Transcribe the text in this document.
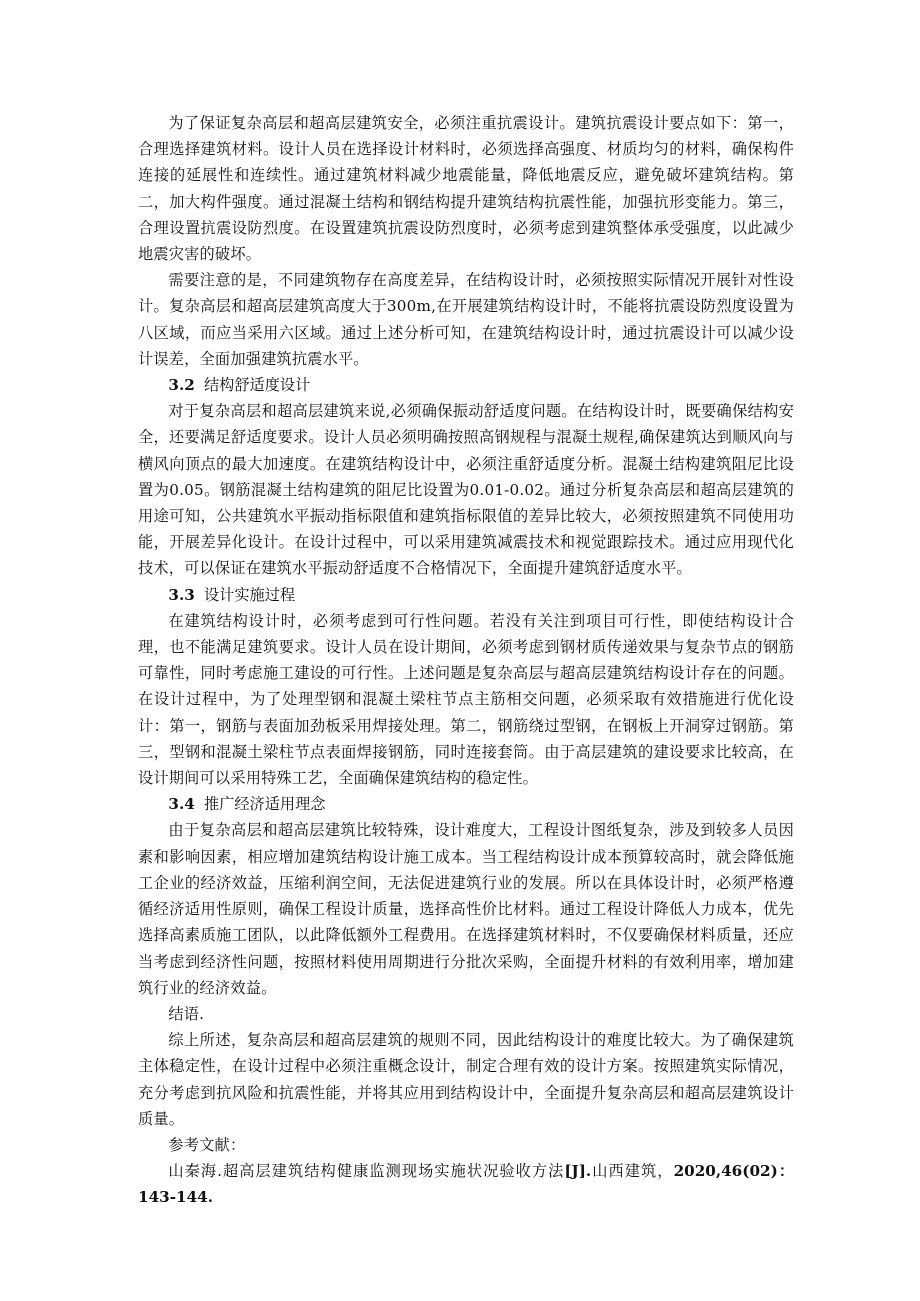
为了保证复杂高层和超高层建筑安全，必须注重抗震设计。建筑抗震设计要点如下：第一，合理选择建筑材料。设计人员在选择设计材料时，必须选择高强度、材质均匀的材料，确保构件连接的延展性和连续性。通过建筑材料减少地震能量，降低地震反应，避免破坏建筑结构。第二，加大构件强度。通过混凝土结构和钢结构提升建筑结构抗震性能，加强抗形变能力。第三，合理设置抗震设防烈度。在设置建筑抗震设防烈度时，必须考虑到建筑整体承受强度，以此减少地震灾害的破坏。

需要注意的是，不同建筑物存在高度差异，在结构设计时，必须按照实际情况开展针对性设计。复杂高层和超高层建筑高度大于300m,在开展建筑结构设计时，不能将抗震设防烈度设置为八区域，而应当采用六区域。通过上述分析可知，在建筑结构设计时，通过抗震设计可以减少设计误差，全面加强建筑抗震水平。

3.2 结构舒适度设计

对于复杂高层和超高层建筑来说,必须确保振动舒适度问题。在结构设计时，既要确保结构安全，还要满足舒适度要求。设计人员必须明确按照高钢规程与混凝土规程,确保建筑达到顺风向与横风向顶点的最大加速度。在建筑结构设计中，必须注重舒适度分析。混凝土结构建筑阻尼比设置为0.05。钢筋混凝土结构建筑的阻尼比设置为0.01-0.02。通过分析复杂高层和超高层建筑的用途可知，公共建筑水平振动指标限值和建筑指标限值的差异比较大，必须按照建筑不同使用功能，开展差异化设计。在设计过程中，可以采用建筑减震技术和视觉跟踪技术。通过应用现代化技术，可以保证在建筑水平振动舒适度不合格情况下，全面提升建筑舒适度水平。

3.3 设计实施过程

在建筑结构设计时，必须考虑到可行性问题。若没有关注到项目可行性，即使结构设计合理，也不能满足建筑要求。设计人员在设计期间，必须考虑到钢材质传递效果与复杂节点的钢筋可靠性，同时考虑施工建设的可行性。上述问题是复杂高层与超高层建筑结构设计存在的问题。在设计过程中，为了处理型钢和混凝土梁柱节点主筋相交问题，必须采取有效措施进行优化设计：第一，钢筋与表面加劲板采用焊接处理。第二，钢筋绕过型钢，在钢板上开洞穿过钢筋。第三，型钢和混凝土梁柱节点表面焊接钢筋，同时连接套筒。由于高层建筑的建设要求比较高，在设计期间可以采用特殊工艺，全面确保建筑结构的稳定性。

3.4 推广经济适用理念

由于复杂高层和超高层建筑比较特殊，设计难度大，工程设计图纸复杂，涉及到较多人员因素和影响因素，相应增加建筑结构设计施工成本。当工程结构设计成本预算较高时，就会降低施工企业的经济效益，压缩利润空间，无法促进建筑行业的发展。所以在具体设计时，必须严格遵循经济适用性原则，确保工程设计质量，选择高性价比材料。通过工程设计降低人力成本，优先选择高素质施工团队，以此降低额外工程费用。在选择建筑材料时，不仅要确保材料质量，还应当考虑到经济性问题，按照材料使用周期进行分批次采购，全面提升材料的有效利用率，增加建筑行业的经济效益。

结语.

综上所述，复杂高层和超高层建筑的规则不同，因此结构设计的难度比较大。为了确保建筑主体稳定性，在设计过程中必须注重概念设计，制定合理有效的设计方案。按照建筑实际情况，充分考虑到抗风险和抗震性能，并将其应用到结构设计中，全面提升复杂高层和超高层建筑设计质量。

参考文献：

山秦海.超高层建筑结构健康监测现场实施状况验收方法[J].山西建筑，2020,46(02)：143-144.
